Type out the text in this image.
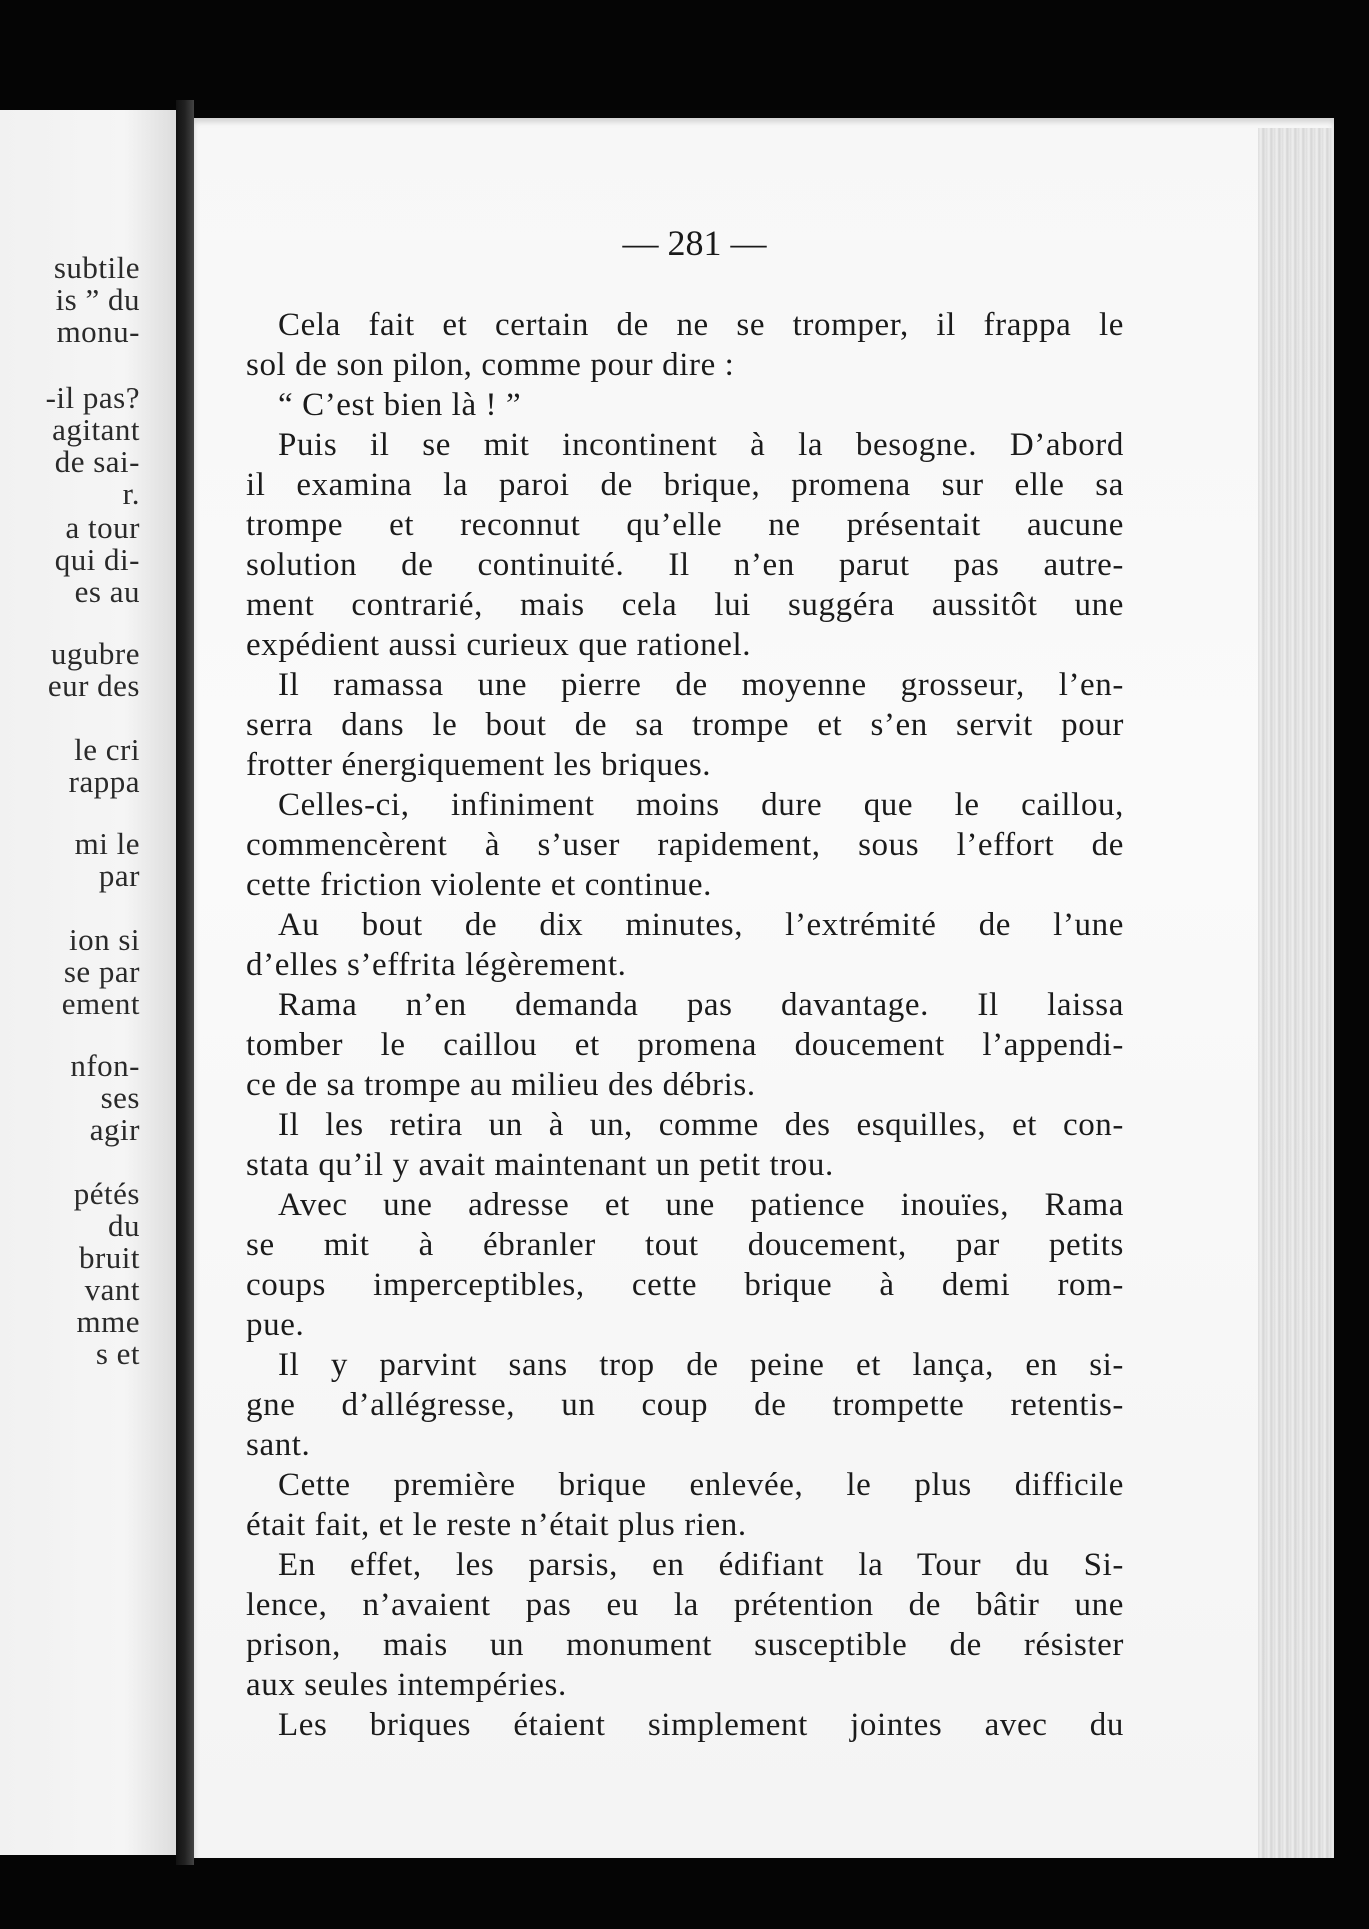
subtile
is ” du
monu-
-il pas?
agitant
de sai-
r.
a tour
qui di-
es au
ugubre
eur des
le cri
rappa
mi le
par
ion si
se par
ement
nfon-
ses
agir
pétés
du
bruit
vant
mme
s et
— 281 —
Cela fait et certain de ne se tromper, il frappa le
sol de son pilon, comme pour dire :
“ C’est bien là ! ”
Puis il se mit incontinent à la besogne. D’abord
il examina la paroi de brique, promena sur elle sa
trompe et reconnut qu’elle ne présentait aucune
solution de continuité. Il n’en parut pas autre-
ment contrarié, mais cela lui suggéra aussitôt une
expédient aussi curieux que rationel.
Il ramassa une pierre de moyenne grosseur, l’en-
serra dans le bout de sa trompe et s’en servit pour
frotter énergiquement les briques.
Celles-ci, infiniment moins dure que le caillou,
commencèrent à s’user rapidement, sous l’effort de
cette friction violente et continue.
Au bout de dix minutes, l’extrémité de l’une
d’elles s’effrita légèrement.
Rama n’en demanda pas davantage. Il laissa
tomber le caillou et promena doucement l’appendi-
ce de sa trompe au milieu des débris.
Il les retira un à un, comme des esquilles, et con-
stata qu’il y avait maintenant un petit trou.
Avec une adresse et une patience inouïes, Rama
se mit à ébranler tout doucement, par petits
coups imperceptibles, cette brique à demi rom-
pue.
Il y parvint sans trop de peine et lança, en si-
gne d’allégresse, un coup de trompette retentis-
sant.
Cette première brique enlevée, le plus difficile
était fait, et le reste n’était plus rien.
En effet, les parsis, en édifiant la Tour du Si-
lence, n’avaient pas eu la prétention de bâtir une
prison, mais un monument susceptible de résister
aux seules intempéries.
Les briques étaient simplement jointes avec du
